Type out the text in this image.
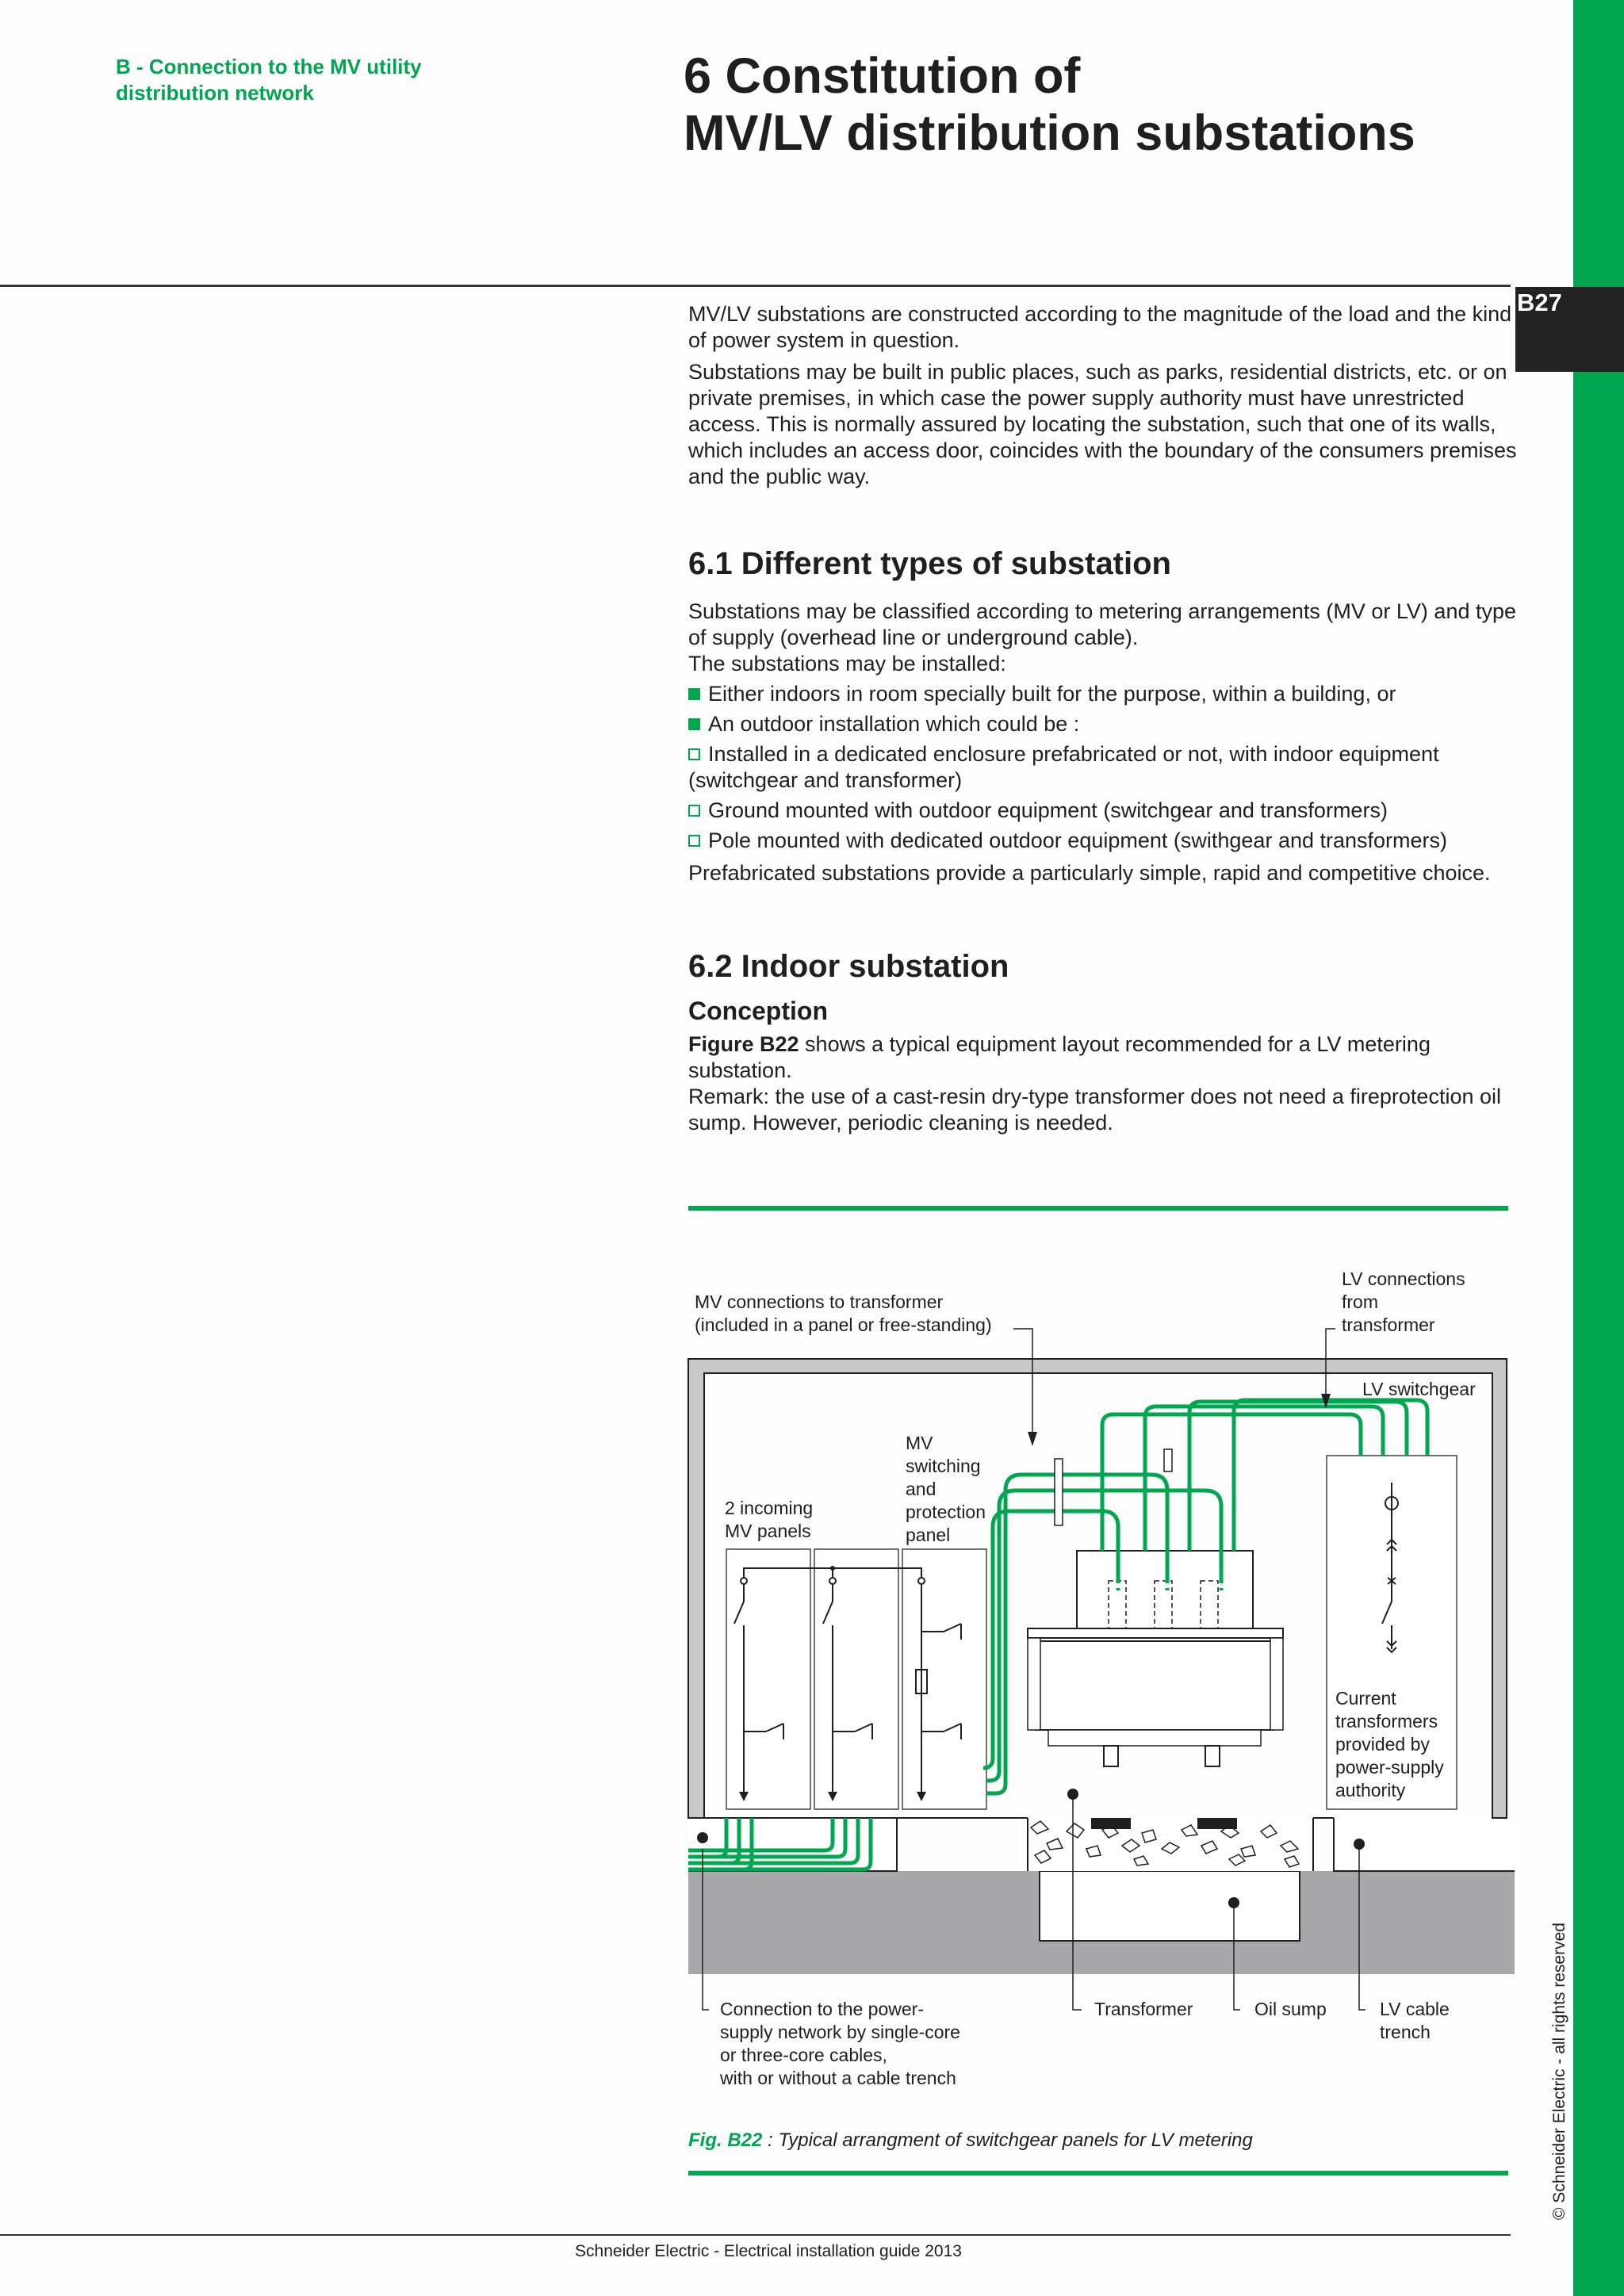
B27
B - Connection to the MV utility distribution network	6 Constitution of
MV/LV distribution substations

MV/LV substations are constructed according to the magnitude of the load and the kind of power system in question.

Substations may be built in public places, such as parks, residential districts, etc. or on private premises, in which case the power supply authority must have unrestricted access. This is normally assured by locating the substation, such that one of its walls, which includes an access door, coincides with the boundary of the consumers premises and the public way.

6.1 Different types of substation
Substations may be classified according to metering arrangements (MV or LV) and type of supply (overhead line or underground cable).
The substations may be installed:
Either indoors in room specially built for the purpose, within a building, or
An outdoor installation which could be :
Installed in a dedicated enclosure prefabricated or not, with indoor equipment (switchgear and transformer)
Ground mounted with outdoor equipment (switchgear and transformers)
Pole mounted with dedicated outdoor equipment (swithgear and transformers)

Prefabricated substations provide a particularly simple, rapid and competitive choice.

6.2 Indoor substation
Conception
Figure B22 shows a typical equipment layout recommended for a LV metering substation.
Remark: the use of a cast-resin dry-type transformer does not need a fireprotection oil sump. However, periodic cleaning is needed.
MV connections to transformer
(included in a panel or free-standing)
LV connections
from
transformer
LV switchgear
MV
switching
and
protection
panel
2 incoming
MV panels
Current
transformers
provided by
power-supply
authority
Connection to the power-
supply network by single-core
or three-core cables,
with or without a cable trench
Transformer	Oil sump	LV cable
trench
Fig. B22 : Typical arrangment of switchgear panels for LV metering	© Schneider Electric - all rights reserved
Schneider Electric - Electrical installation guide 2013
